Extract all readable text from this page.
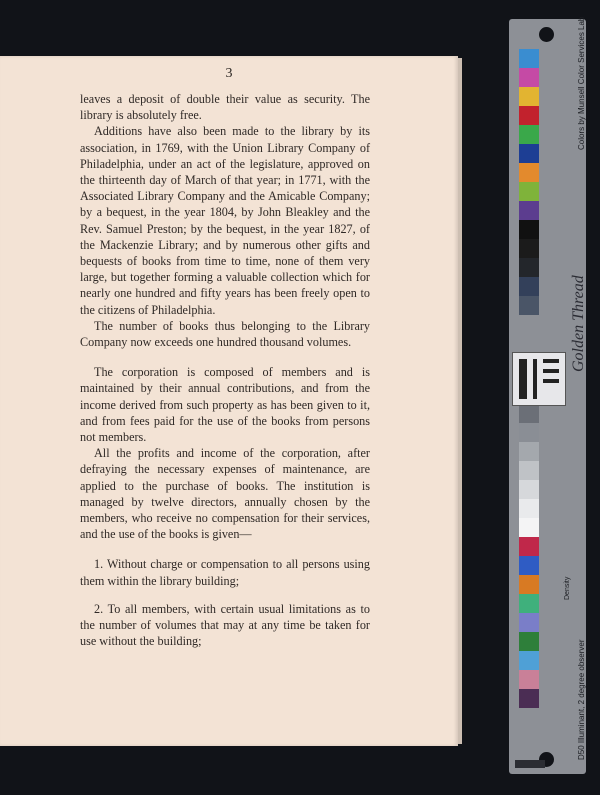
3

leaves a deposit of double their value as security. The library is absolutely free.

Additions have also been made to the library by its association, in 1769, with the Union Library Company of Philadelphia, under an act of the legislature, approved on the thirteenth day of March of that year; in 1771, with the Associated Library Company and the Amicable Company; by a bequest, in the year 1804, by John Bleakley and the Rev. Samuel Preston; by the bequest, in the year 1827, of the Mackenzie Library; and by numerous other gifts and bequests of books from time to time, none of them very large, but together forming a valuable collection which for nearly one hundred and fifty years has been freely open to the citizens of Philadelphia.

The number of books thus belonging to the Library Company now exceeds one hundred thousand volumes.

The corporation is composed of members and is maintained by their annual contributions, and from the income derived from such property as has been given to it, and from fees paid for the use of the books from persons not members.

All the profits and income of the corporation, after defraying the necessary expenses of maintenance, are applied to the purchase of books. The institution is managed by twelve directors, annually chosen by the members, who receive no compensation for their services, and the use of the books is given—

1. Without charge or compensation to all persons using them within the library building;

2. To all members, with certain usual limitations as to the number of volumes that may at any time be taken for use without the building;

Golden Thread
Colors by Munsell Color Services Lab
D50 Illuminant, 2 degree observer
Density
